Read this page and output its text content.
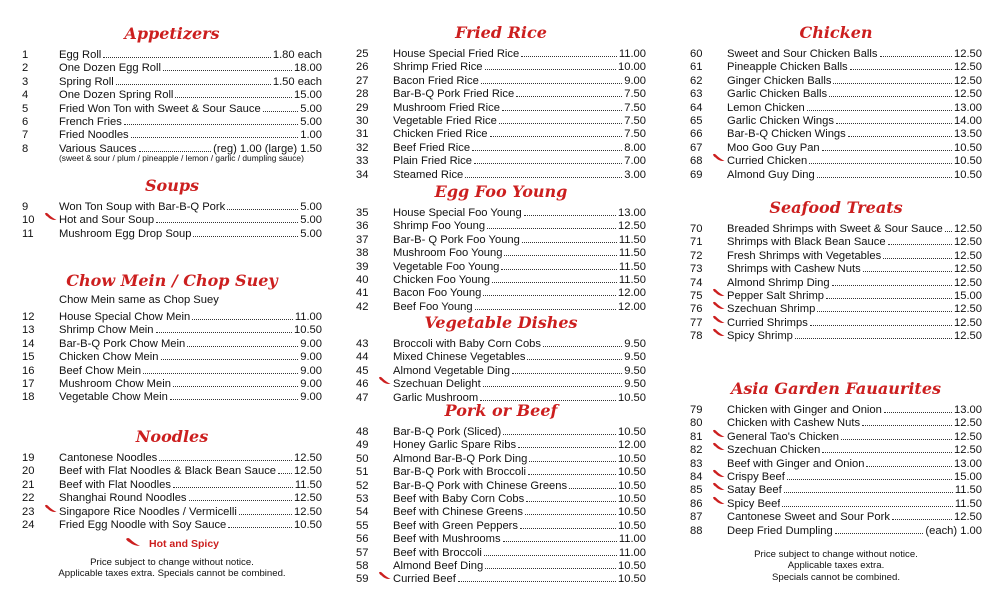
Appetizers
1	Egg Roll	1.80 each
2	One Dozen Egg Roll	18.00
3	Spring Roll	1.50 each
4	One Dozen Spring Roll	15.00
5	Fried Won Ton with Sweet & Sour Sauce	5.00
6	French Fries	5.00
7	Fried Noodles	1.00
8	Various Sauces	(reg) 1.00 (large) 1.50
(sweet & sour / plum / pineapple / lemon / garlic / dumpling sauce)
Soups
9	Won Ton Soup with Bar-B-Q Pork	5.00
10	Hot and Sour Soup	5.00
11	Mushroom Egg Drop Soup	5.00
Chow Mein / Chop Suey
Chow Mein same as Chop Suey
12	House Special Chow Mein	11.00
13	Shrimp Chow Mein	10.50
14	Bar-B-Q Pork Chow Mein	9.00
15	Chicken Chow Mein	9.00
16	Beef Chow Mein	9.00
17	Mushroom Chow Mein	9.00
18	Vegetable Chow Mein	9.00
Noodles
19	Cantonese Noodles	12.50
20	Beef with Flat Noodles & Black Bean Sauce 12.50
21	Beef with Flat Noodles	11.50
22	Shanghai Round Noodles	12.50
23	Singapore Rice Noodles / Vermicelli	12.50
24	Fried Egg Noodle with Soy Sauce	10.50
Hot and Spicy
Price subject to change without notice.
Applicable taxes extra. Specials cannot be combined.
Fried Rice
25	House Special Fried Rice	11.00
26	Shrimp Fried Rice	10.00
27	Bacon Fried Rice	9.00
28	Bar-B-Q Pork Fried Rice	7.50
29	Mushroom Fried Rice	7.50
30	Vegetable Fried Rice	7.50
31	Chicken Fried Rice	7.50
32	Beef Fried Rice	8.00
33	Plain Fried Rice	7.00
34	Steamed Rice	3.00
Egg Foo Young
35	House Special Foo Young	13.00
36	Shrimp Foo Young	12.50
37	Bar-B- Q Pork Foo Young	11.50
38	Mushroom Foo Young	11.50
39	Vegetable Foo Young	11.50
40	Chicken Foo Young	11.50
41	Bacon Foo Young	12.00
42	Beef Foo Young	12.00
Vegetable Dishes
43	Broccoli with Baby Corn Cobs	9.50
44	Mixed Chinese Vegetables	9.50
45	Almond Vegetable Ding	9.50
46	Szechuan Delight	9.50
47	Garlic Mushroom	10.50
Pork or Beef
48	Bar-B-Q Pork (Sliced)	10.50
49	Honey Garlic Spare Ribs	12.00
50	Almond Bar-B-Q Pork Ding	10.50
51	Bar-B-Q Pork with Broccoli	10.50
52	Bar-B-Q Pork with Chinese Greens	10.50
53	Beef with Baby Corn Cobs	10.50
54	Beef with Chinese Greens	10.50
55	Beef with Green Peppers	10.50
56	Beef with Mushrooms	11.00
57	Beef with Broccoli	11.00
58	Almond Beef Ding	10.50
59	Curried Beef	10.50
Chicken
60	Sweet and Sour Chicken Balls	12.50
61	Pineapple Chicken Balls	12.50
62	Ginger Chicken Balls	12.50
63	Garlic Chicken Balls	12.50
64	Lemon Chicken	13.00
65	Garlic Chicken Wings	14.00
66	Bar-B-Q Chicken Wings	13.50
67	Moo Goo Guy Pan	10.50
68	Curried Chicken	10.50
69	Almond Guy Ding	10.50
Seafood Treats
70	Breaded Shrimps with Sweet & Sour Sauce 12.50
71	Shrimps with Black Bean Sauce	12.50
72	Fresh Shrimps with Vegetables	12.50
73	Shrimps with Cashew Nuts	12.50
74	Almond Shrimp Ding	12.50
75	Pepper Salt Shrimp	15.00
76	Szechuan Shrimp	12.50
77	Curried Shrimps	12.50
78	Spicy Shrimp	12.50
Asia Garden Fauaurites
79	Chicken with Ginger and Onion	13.00
80	Chicken with Cashew Nuts	12.50
81	General Tao's Chicken	12.50
82	Szechuan Chicken	12.50
83	Beef with Ginger and Onion	13.00
84	Crispy Beef	15.00
85	Satay Beef	11.50
86	Spicy Beef	11.50
87	Cantonese Sweet and Sour Pork	12.50
88	Deep Fried Dumpling	(each) 1.00
Price subject to change without notice.
Applicable taxes extra.
Specials cannot be combined.
